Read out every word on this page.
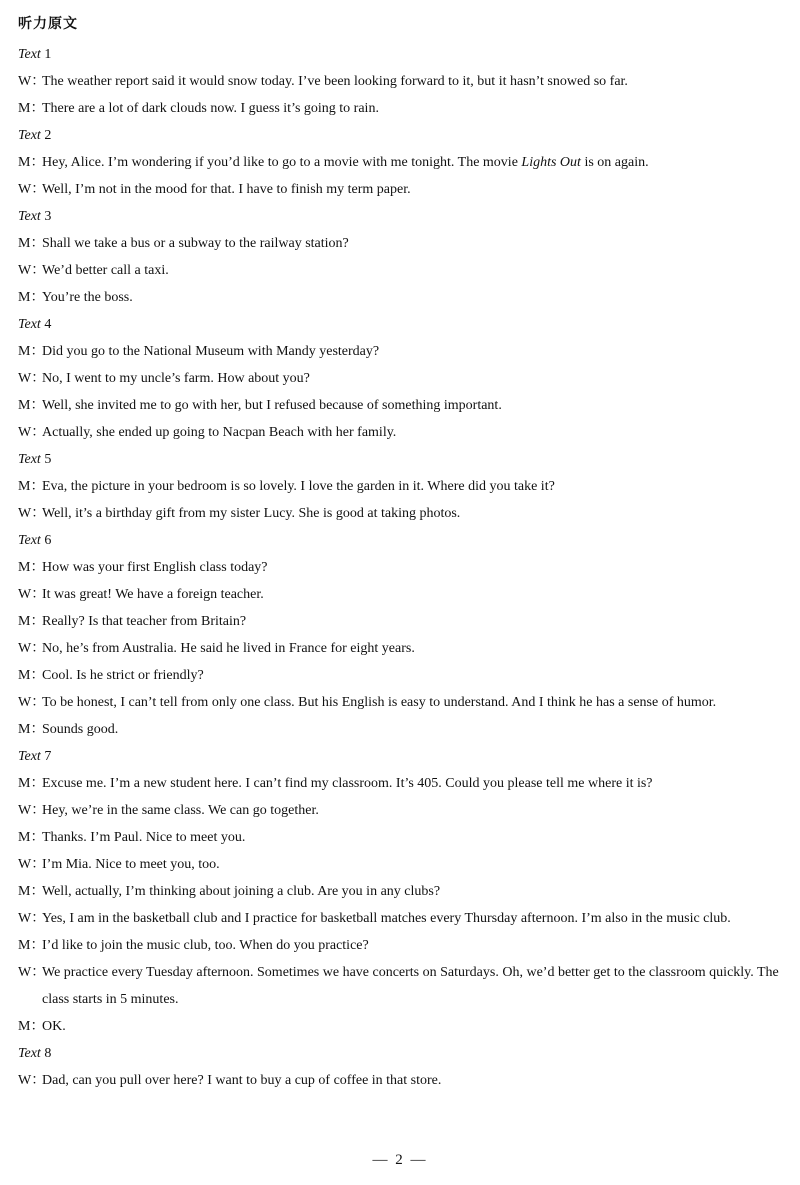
听力原文
Text 1
W：
The weather report said it would snow today. I’ve been looking forward to it, but it hasn’t snowed so far.
M：
There are a lot of dark clouds now. I guess it’s going to rain.
Text 2
M：
Hey, Alice. I’m wondering if you’d like to go to a movie with me tonight. The movie Lights Out is on again.
W：
Well, I’m not in the mood for that. I have to finish my term paper.
Text 3
M：
Shall we take a bus or a subway to the railway station?
W：
We’d better call a taxi.
M：
You’re the boss.
Text 4
M：
Did you go to the National Museum with Mandy yesterday?
W：
No, I went to my uncle’s farm. How about you?
M：
Well, she invited me to go with her, but I refused because of something important.
W：
Actually, she ended up going to Nacpan Beach with her family.
Text 5
M：
Eva, the picture in your bedroom is so lovely. I love the garden in it. Where did you take it?
W：
Well, it’s a birthday gift from my sister Lucy. She is good at taking photos.
Text 6
M：
How was your first English class today?
W：
It was great! We have a foreign teacher.
M：
Really? Is that teacher from Britain?
W：
No, he’s from Australia. He said he lived in France for eight years.
M：
Cool. Is he strict or friendly?
W：
To be honest, I can’t tell from only one class. But his English is easy to understand. And I think he has a sense of humor.
M：
Sounds good.
Text 7
M：
Excuse me. I’m a new student here. I can’t find my classroom. It’s 405. Could you please tell me where it is?
W：
Hey, we’re in the same class. We can go together.
M：
Thanks. I’m Paul. Nice to meet you.
W：
I’m Mia. Nice to meet you, too.
M：
Well, actually, I’m thinking about joining a club. Are you in any clubs?
W：
Yes, I am in the basketball club and I practice for basketball matches every Thursday afternoon. I’m also in the music club.
M：
I’d like to join the music club, too. When do you practice?
W：
We practice every Tuesday afternoon. Sometimes we have concerts on Saturdays. Oh, we’d better get to the classroom quickly. The class starts in 5 minutes.
M：
OK.
Text 8
W：
Dad, can you pull over here? I want to buy a cup of coffee in that store.
— 2 —
